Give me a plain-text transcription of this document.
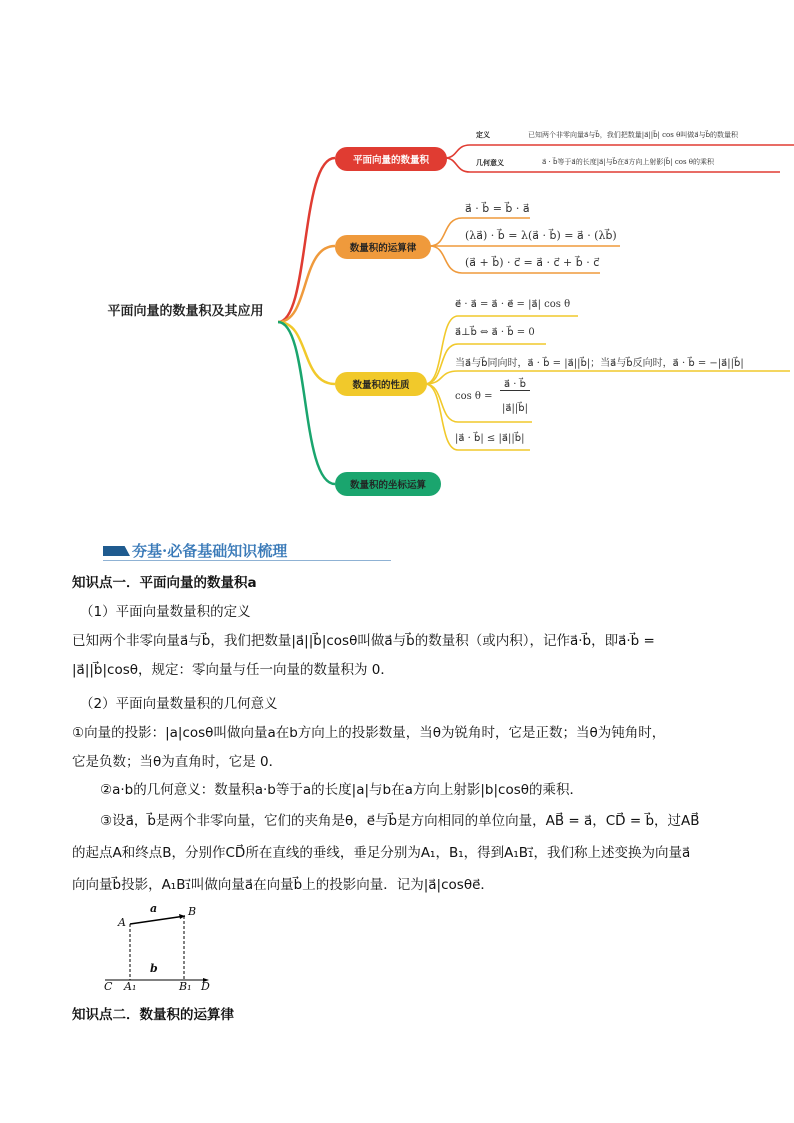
平面向量的数量积及其应用
平面向量的数量积
数量积的运算律
数量积的性质
数量积的坐标运算
定义	已知两个非零向量a⃗与b⃗，我们把数量|a⃗||b⃗| cos θ叫做a⃗与b⃗的数量积
几何意义	a⃗ · b⃗等于a⃗的长度|a⃗|与b⃗在a⃗方向上射影|b⃗| cos θ的乘积
a⃗ · b⃗ = b⃗ · a⃗
(λa⃗) · b⃗ = λ(a⃗ · b⃗) = a⃗ · (λb⃗)
(a⃗ + b⃗) · c⃗ = a⃗ · c⃗ + b⃗ · c⃗
e⃗ · a⃗ = a⃗ · e⃗ = |a⃗| cos θ
a⃗⊥b⃗ ⇔ a⃗ · b⃗ = 0
当a⃗与b⃗同向时，a⃗ · b⃗ = |a⃗||b⃗|；当a⃗与b⃗反向时，a⃗ · b⃗ = −|a⃗||b⃗|
cos θ =
a⃗ · b⃗
|a⃗||b⃗|
|a⃗ · b⃗| ≤ |a⃗||b⃗|
夯基·必备基础知识梳理
知识点一．平面向量的数量积a
（1）平面向量数量积的定义
已知两个非零向量a⃗与b⃗，我们把数量|a⃗||b⃗|cosθ叫做a⃗与b⃗的数量积（或内积），记作a⃗·b⃗，即a⃗·b⃗ =
|a⃗||b⃗|cosθ，规定：零向量与任一向量的数量积为 0．
（2）平面向量数量积的几何意义
①向量的投影：|a|cosθ叫做向量a在b方向上的投影数量，当θ为锐角时，它是正数；当θ为钝角时，
它是负数；当θ为直角时，它是 0．
②a·b的几何意义：数量积a·b等于a的长度|a|与b在a方向上射影|b|cosθ的乘积．
③设a⃗，b⃗是两个非零向量，它们的夹角是θ，e⃗与b⃗是方向相同的单位向量，AB⃗ = a⃗，CD⃗ = b⃗，过AB⃗
的起点A和终点B，分别作CD⃗所在直线的垂线，垂足分别为A₁，B₁，得到A₁B₁⃗，我们称上述变换为向量a⃗
向向量b⃗投影，A₁B₁⃗叫做向量a⃗在向量b⃗上的投影向量．记为|a⃗|cosθe⃗．
A
B
a
b
C A₁	B₁ D
知识点二．数量积的运算律
